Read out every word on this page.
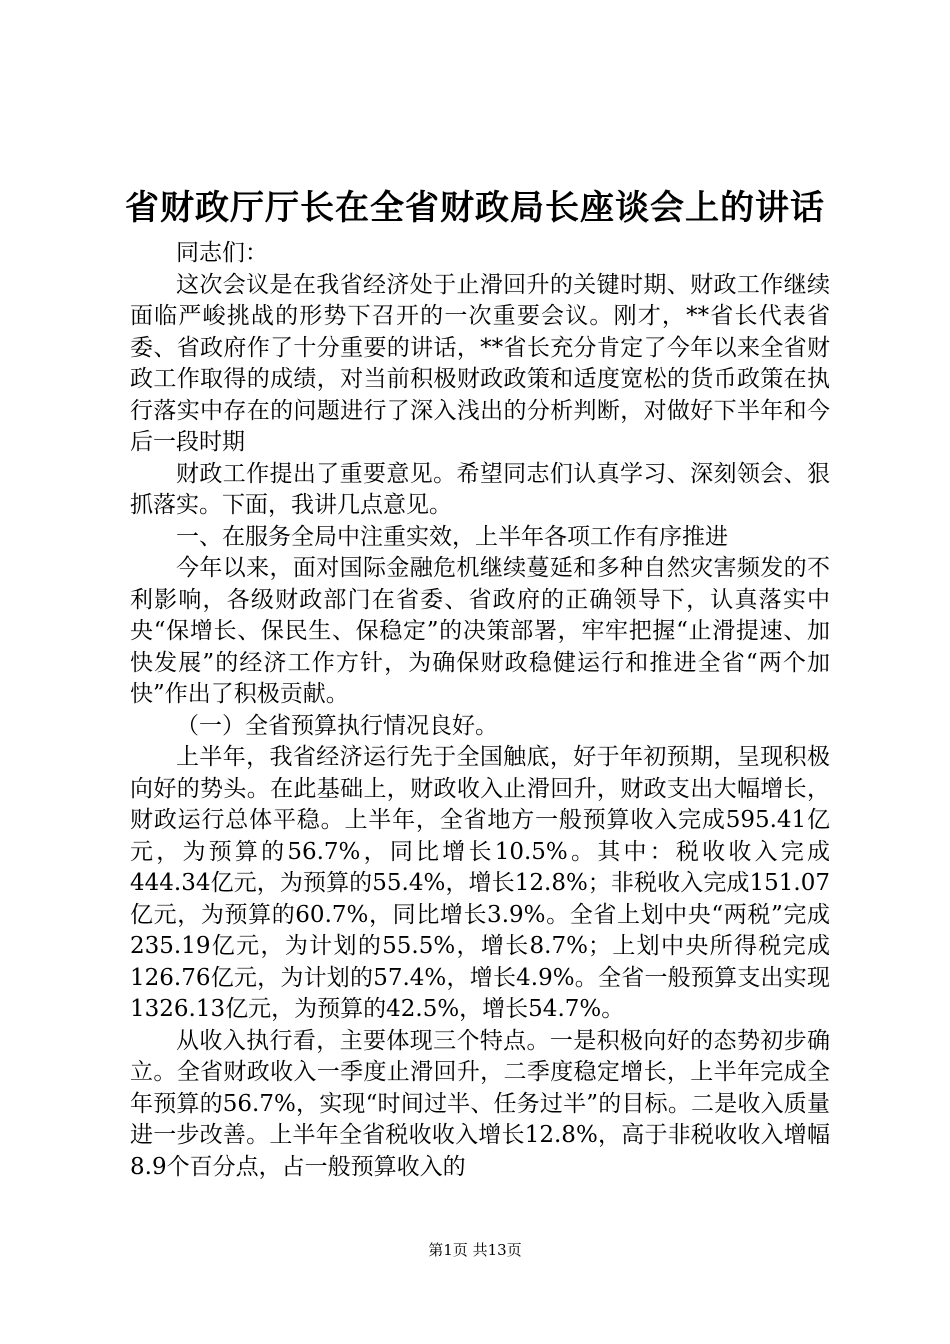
省财政厅厅长在全省财政局长座谈会上的讲话

同志们：

这次会议是在我省经济处于止滑回升的关键时期、财政工作继续面临严峻挑战的形势下召开的一次重要会议。刚才，**省长代表省委、省政府作了十分重要的讲话，**省长充分肯定了今年以来全省财政工作取得的成绩，对当前积极财政政策和适度宽松的货币政策在执行落实中存在的问题进行了深入浅出的分析判断，对做好下半年和今后一段时期

财政工作提出了重要意见。希望同志们认真学习、深刻领会、狠抓落实。下面，我讲几点意见。

一、在服务全局中注重实效，上半年各项工作有序推进

今年以来，面对国际金融危机继续蔓延和多种自然灾害频发的不利影响，各级财政部门在省委、省政府的正确领导下，认真落实中央“保增长、保民生、保稳定”的决策部署，牢牢把握“止滑提速、加快发展”的经济工作方针，为确保财政稳健运行和推进全省“两个加快”作出了积极贡献。

（一）全省预算执行情况良好。

上半年，我省经济运行先于全国触底，好于年初预期，呈现积极向好的势头。在此基础上，财政收入止滑回升，财政支出大幅增长，财政运行总体平稳。上半年，全省地方一般预算收入完成595.41亿元，为预算的56.7%，同比增长10.5%。其中：税收收入完成444.34亿元，为预算的55.4%，增长12.8%；非税收入完成151.07亿元，为预算的60.7%，同比增长3.9%。全省上划中央“两税”完成235.19亿元，为计划的55.5%，增长8.7%；上划中央所得税完成126.76亿元，为计划的57.4%，增长4.9%。全省一般预算支出实现1326.13亿元，为预算的42.5%，增长54.7%。

从收入执行看，主要体现三个特点。一是积极向好的态势初步确立。全省财政收入一季度止滑回升，二季度稳定增长，上半年完成全年预算的56.7%，实现“时间过半、任务过半”的目标。二是收入质量进一步改善。上半年全省税收收入增长12.8%，高于非税收收入增幅8.9个百分点，占一般预算收入的

第1页 共13页
